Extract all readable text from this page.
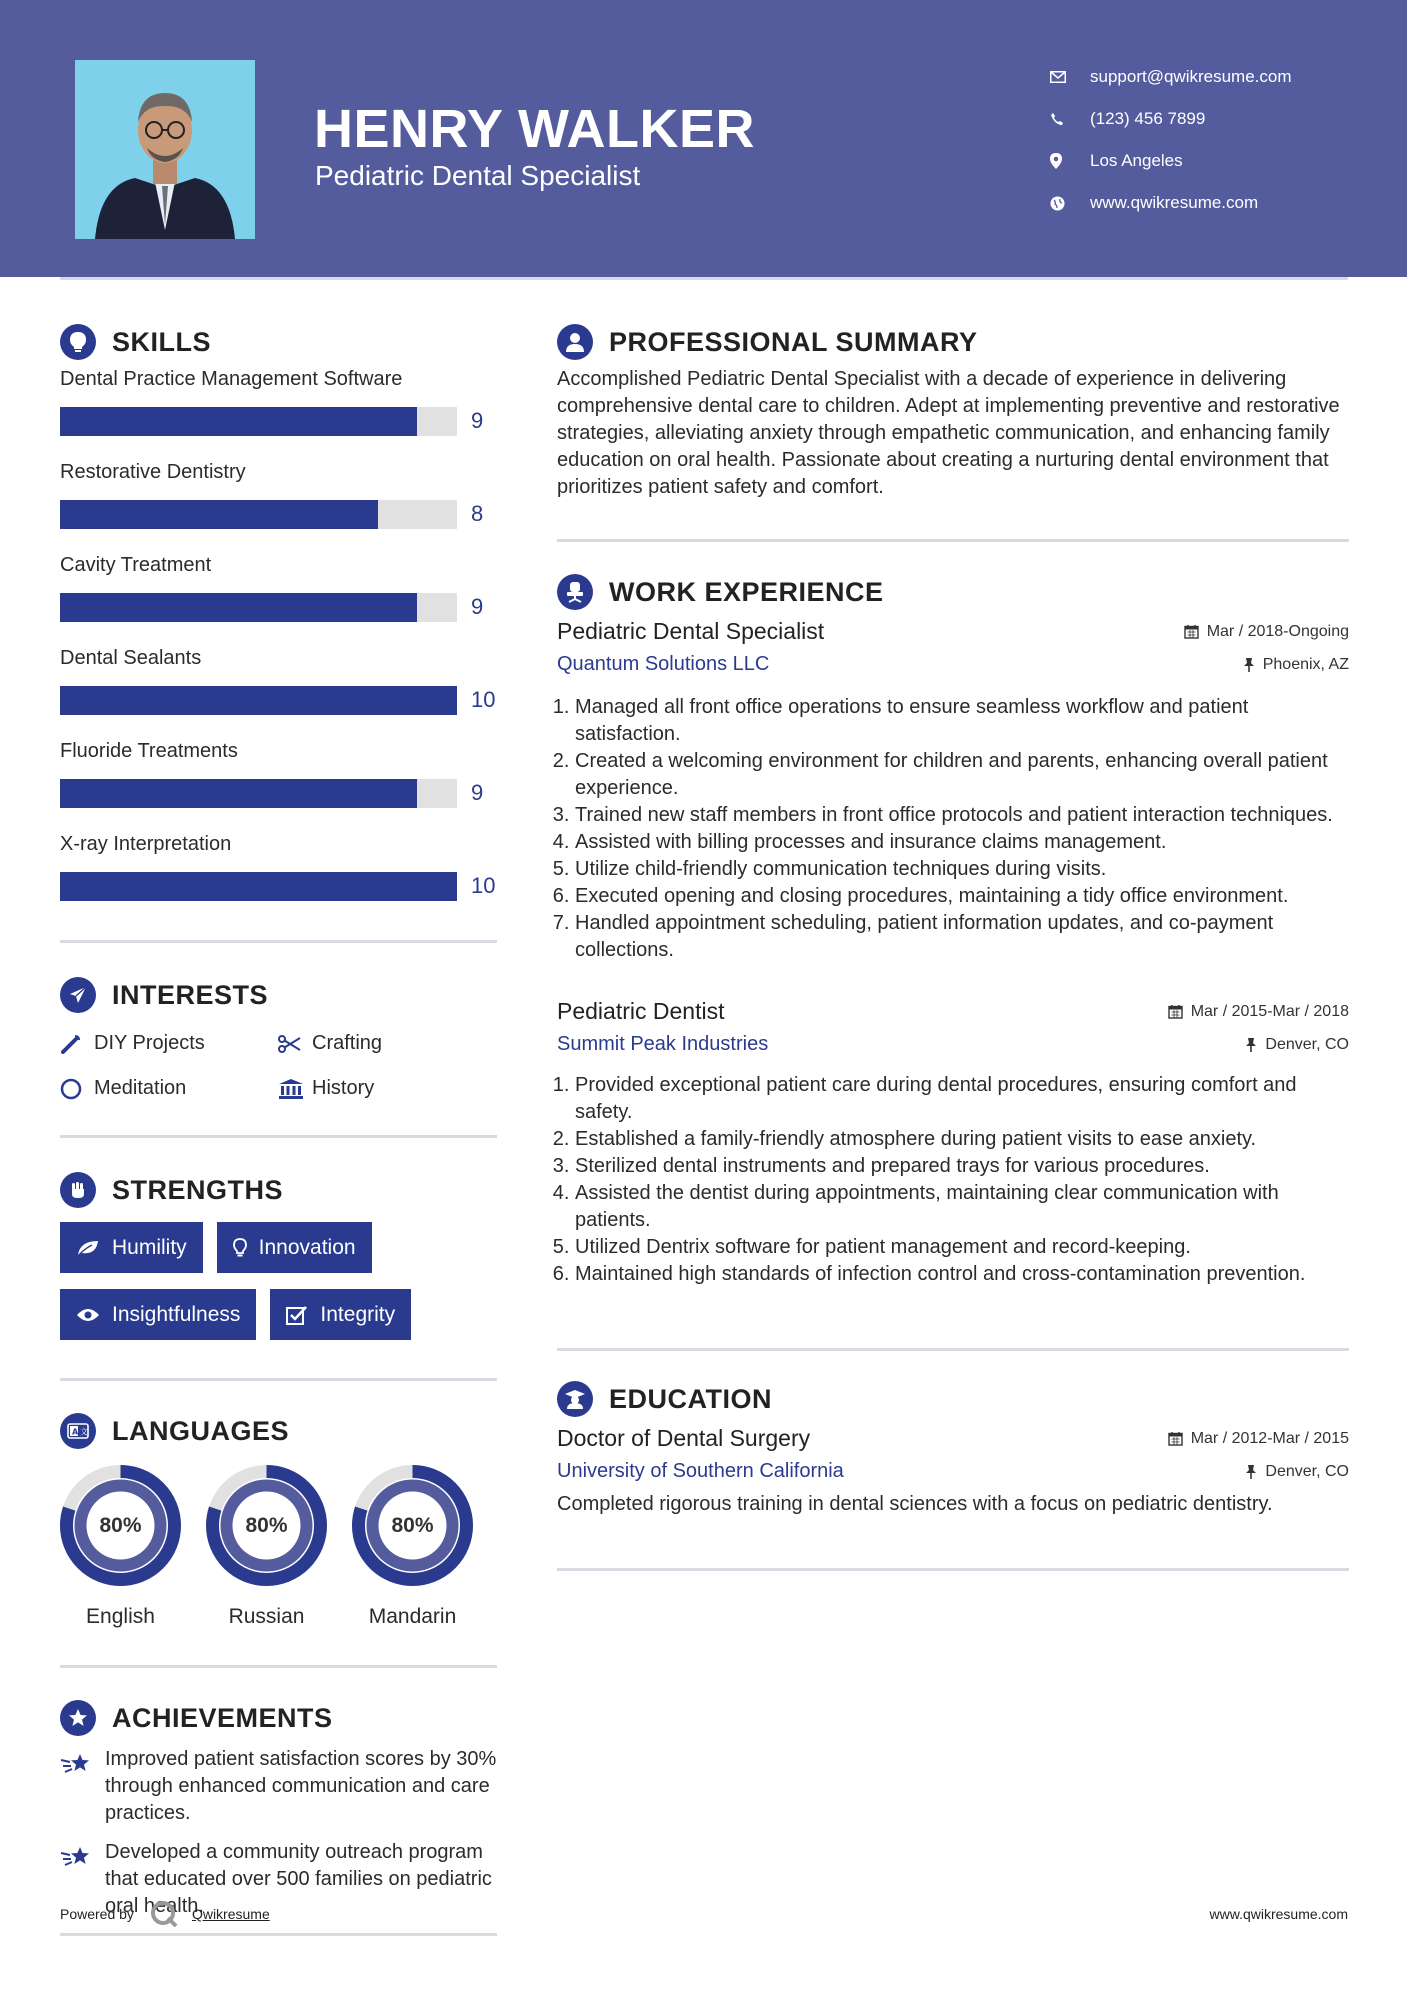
HENRY WALKER
Pediatric Dental Specialist
support@qwikresume.com
(123) 456 7899
Los Angeles
www.qwikresume.com
SKILLS
Dental Practice Management Software
9
Restorative Dentistry
8
Cavity Treatment
9
Dental Sealants
10
Fluoride Treatments
9
X-ray Interpretation
10
INTERESTS
DIY Projects	Crafting
Meditation	History
STRENGTHS
Humility	Innovation
Insightfulness	Integrity
A 文 LANGUAGES
80%
English
80%
Russian
80%
Mandarin
ACHIEVEMENTS
Improved patient satisfaction scores by 30% through enhanced communication and care practices.
Developed a community outreach program that educated over 500 families on pediatric oral health.
PROFESSIONAL SUMMARY
Accomplished Pediatric Dental Specialist with a decade of experience in delivering comprehensive dental care to children. Adept at implementing preventive and restorative strategies, alleviating anxiety through empathetic communication, and enhancing family education on oral health. Passionate about creating a nurturing dental environment that prioritizes patient safety and comfort.
WORK EXPERIENCE
Pediatric Dental Specialist	Mar / 2018-Ongoing
Quantum Solutions LLC	Phoenix, AZ
1. Managed all front office operations to ensure seamless workflow and patient satisfaction.
2. Created a welcoming environment for children and parents, enhancing overall patient experience.
3. Trained new staff members in front office protocols and patient interaction techniques.
4. Assisted with billing processes and insurance claims management.
5. Utilize child-friendly communication techniques during visits.
6. Executed opening and closing procedures, maintaining a tidy office environment.
7. Handled appointment scheduling, patient information updates, and co-payment collections.
Pediatric Dentist	Mar / 2015-Mar / 2018
Summit Peak Industries	Denver, CO
1. Provided exceptional patient care during dental procedures, ensuring comfort and safety.
2. Established a family-friendly atmosphere during patient visits to ease anxiety.
3. Sterilized dental instruments and prepared trays for various procedures.
4. Assisted the dentist during appointments, maintaining clear communication with patients.
5. Utilized Dentrix software for patient management and record-keeping.
6. Maintained high standards of infection control and cross-contamination prevention.
EDUCATION
Doctor of Dental Surgery	Mar / 2012-Mar / 2015
University of Southern California	Denver, CO
Completed rigorous training in dental sciences with a focus on pediatric dentistry.
Powered by	Qwikresume	www.qwikresume.com
